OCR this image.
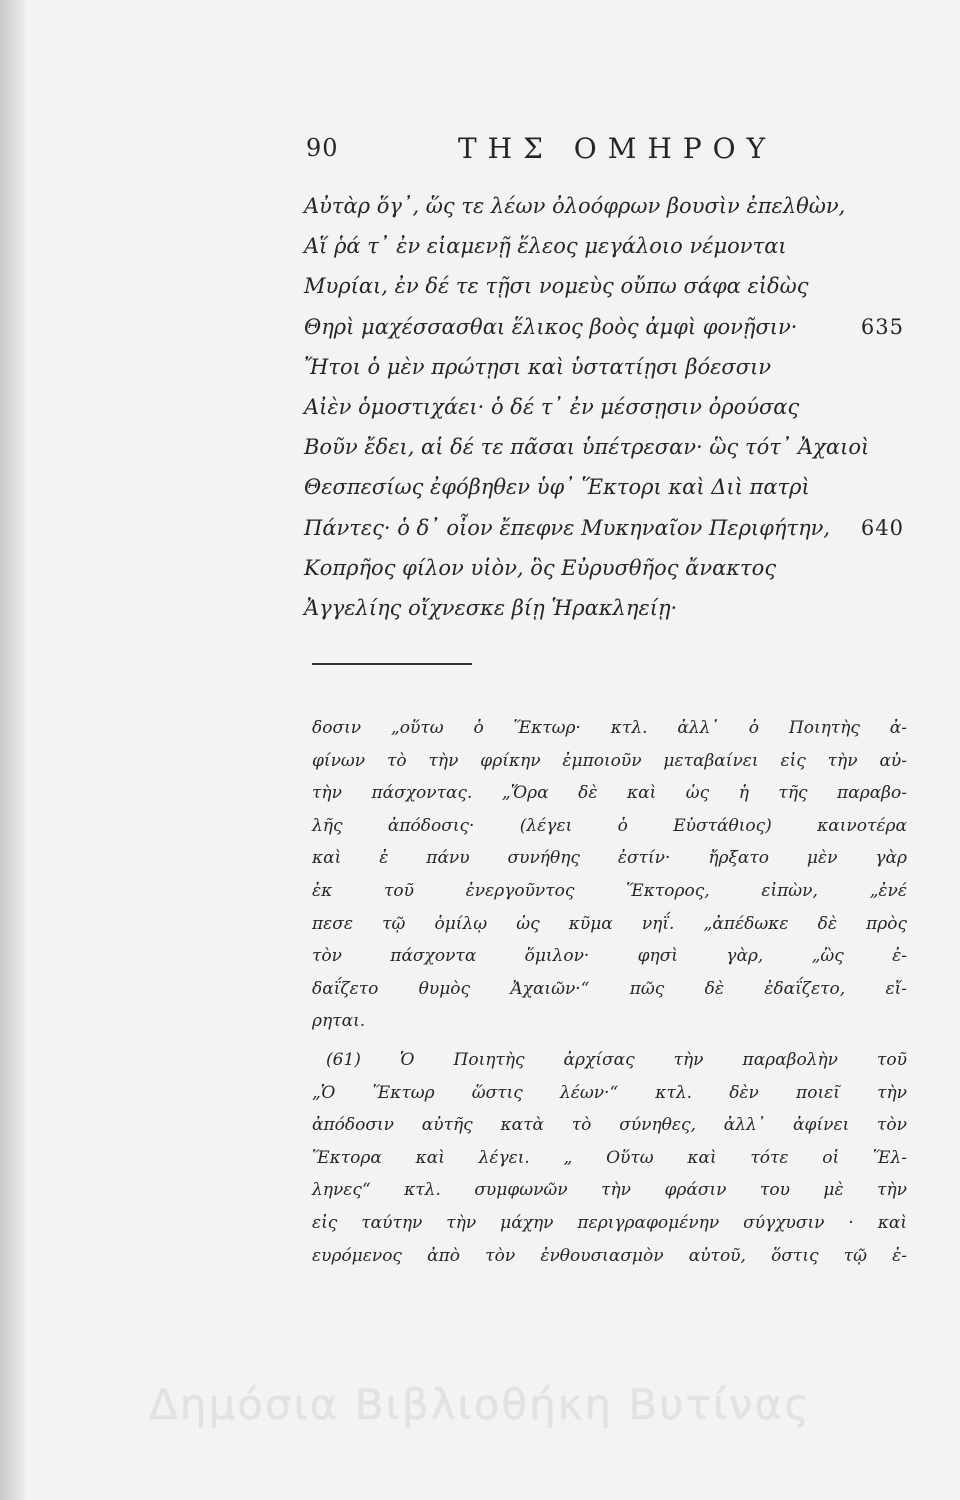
90	ΤΗΣ ΟΜΗΡΟΥ
Αὐτὰρ ὅγ᾽, ὥς τε λέων ὀλοόφρων βουσὶν ἐπελθὼν,
Αἵ ῥά τ᾽ ἐν εἱαμενῇ ἕλεος μεγάλοιο νέμονται
Μυρίαι, ἐν δέ τε τῇσι νομεὺς οὔπω σάφα εἰδὼς
Θηρὶ μαχέσσασθαι ἕλικος βοὸς ἀμφὶ φονῇσιν·	635
Ἤτοι ὁ μὲν πρώτῃσι καὶ ὑστατίῃσι βόεσσιν
Αἰὲν ὁμοστιχάει· ὁ δέ τ᾽ ἐν μέσσῃσιν ὀρούσας
Βοῦν ἔδει, αἱ δέ τε πᾶσαι ὑπέτρεσαν· ὣς τότ᾽ Ἀχαιοὶ
Θεσπεσίως ἐφόβηθεν ὑφ᾽ Ἕκτορι καὶ Διὶ πατρὶ
Πάντες· ὁ δ᾽ οἶον ἔπεφνε Μυκηναῖον Περιφήτην, 640
Κοπρῆος φίλον υἱὸν, ὃς Εὐρυσθῆος ἄνακτος
Ἀγγελίης οἴχνεσκε βίῃ Ἡρακληείῃ·
δοσιν „οὕτω ὁ Ἕκτωρ· κτλ. ἀλλ᾽ ὁ Ποιητὴς ἀ-
φίνων τὸ τὴν φρίκην ἐμποιοῦν μεταβαίνει εἰς τὴν αὐ-
τὴν πάσχοντας. „Ὅρα δὲ καὶ ὡς ἡ τῆς παραβο-
λῆς ἀπόδοσις· (λέγει ὁ Εὐστάθιος) καινοτέρα
καὶ ἐ πάνυ συνήθης ἐστίν· ἤρξατο μὲν γὰρ
ἐκ τοῦ ἐνεργοῦντος Ἕκτορος, εἰπὼν, „ἐνέ
πεσε τῷ ὁμίλῳ ὡς κῦμα νηΐ. „ἀπέδωκε δὲ πρὸς
τὸν πάσχοντα ὅμιλον· φησὶ γὰρ, „ὣς ἐ-
δαΐζετο θυμὸς Ἀχαιῶν·“ πῶς δὲ ἐδαΐζετο, εἴ-
ρηται.
(61) Ὁ Ποιητὴς ἀρχίσας τὴν παραβολὴν τοῦ
„Ὁ Ἕκτωρ ὥστις λέων·“ κτλ. δὲν ποιεῖ τὴν
ἀπόδοσιν αὐτῆς κατὰ τὸ σύνηθες, ἀλλ᾽ ἀφίνει τὸν
Ἕκτορα καὶ λέγει. „ Οὕτω καὶ τότε οἱ Ἕλ-
ληνες“ κτλ. συμφωνῶν τὴν φράσιν του μὲ τὴν
εἰς ταύτην τὴν μάχην περιγραφομένην σύγχυσιν · καὶ
ευρόμενος ἀπὸ τὸν ἐνθουσιασμὸν αὐτοῦ, ὅστις τῷ ἐ-
Δημόσια Βιβλιοθήκη Βυτίνας
